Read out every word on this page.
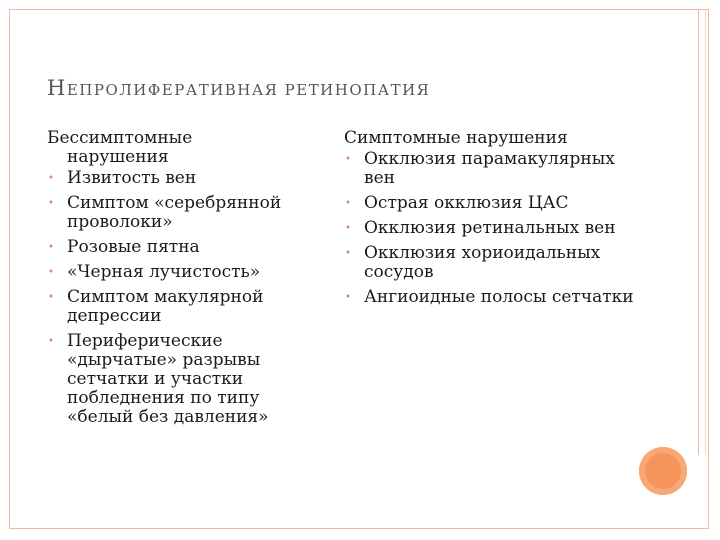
НЕПРОЛИФЕРАТИВНАЯ РЕТИНОПАТИЯ
Бессимптомные
нарушения
• Извитость вен
• Симптом «серебрянной проволоки»
• Розовые пятна
• «Черная лучистость»
• Симптом макулярной депрессии
• Периферические «дырчатые» разрывы сетчатки и участки побледнения по типу «белый без давления»
Симптомные нарушения
• Окклюзия парамакулярных вен
• Острая окклюзия ЦАС
• Окклюзия ретинальных вен
• Окклюзия хориоидальных сосудов
• Ангиоидные полосы сетчатки
